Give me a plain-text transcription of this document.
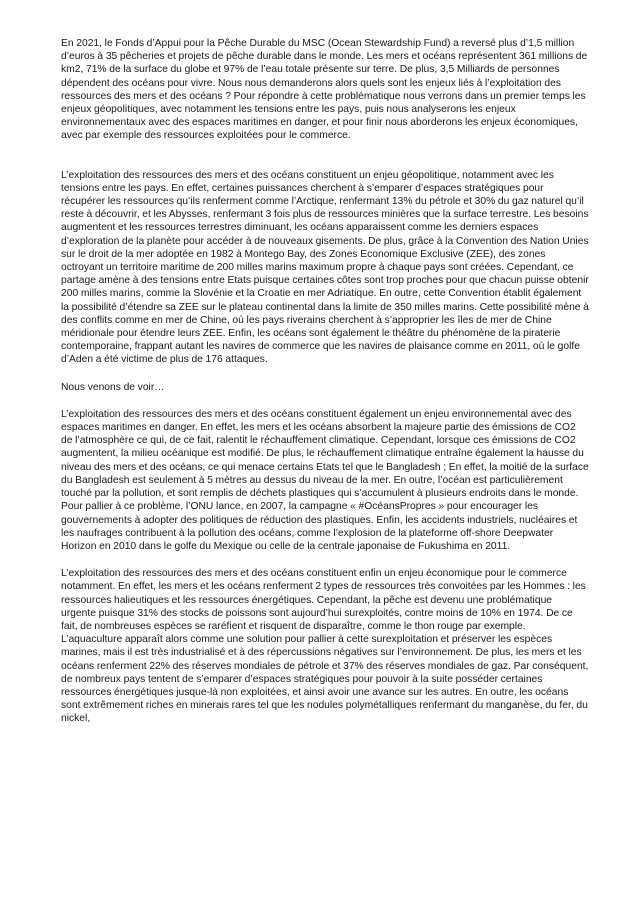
En 2021, le Fonds d’Appui pour la Pêche Durable du MSC (Ocean Stewardship Fund) a reversé plus d’1,5 million d’euros à 35 pêcheries et projets de pêche durable dans le monde. Les mers et océans représentent 361 millions de km2, 71% de la surface du globe et 97% de l’eau totale présente sur terre. De plus, 3,5 Milliards de personnes dépendent des océans pour vivre. Nous nous demanderons alors quels sont les enjeux liés à l’exploitation des ressources des mers et des océans ? Pour répondre à cette problématique nous verrons dans un premier temps les enjeux géopolitiques, avec notamment les tensions entre les pays, puis nous analyserons les enjeux environnementaux avec des espaces maritimes en danger, et pour finir nous aborderons les enjeux économiques, avec par exemple des ressources exploitées pour le commerce.

L’exploitation des ressources des mers et des océans constituent un enjeu géopolitique, notamment avec les tensions entre les pays. En effet, certaines puissances cherchent à s’emparer d’espaces stratégiques pour récupérer les ressources qu’ils renferment comme l’Arctique, renfermant 13% du pétrole et 30% du gaz naturel qu’il reste à découvrir, et les Abysses, renfermant 3 fois plus de ressources minières que la surface terrestre. Les besoins augmentent et les ressources terrestres diminuant, les océans apparaissent comme les derniers espaces d’exploration de la planète pour accéder à de nouveaux gisements. De plus, grâce à la Convention des Nation Unies sur le droit de la mer adoptée en 1982 à Montego Bay, des Zones Economique Exclusive (ZEE), des zones octroyant un territoire maritime de 200 milles marins maximum propre à chaque pays sont créées. Cependant, ce partage amène à des tensions entre Etats puisque certaines côtes sont trop proches pour que chacun puisse obtenir 200 milles marins, comme la Slovénie et la Croatie en mer Adriatique. En outre, cette Convention établit également la possibilité d’étendre sa ZEE sur le plateau continental dans la limite de 350 milles marins. Cette possibilité mène à des conflits comme en mer de Chine, où les pays riverains cherchent à s’approprier les îles de mer de Chine méridionale pour étendre leurs ZEE. Enfin, les océans sont également le théâtre du phénomène de la piraterie contemporaine, frappant autant les navires de commerce que les navires de plaisance comme en 2011, où le golfe d’Aden a été victime de plus de 176 attaques.

Nous venons de voir…

L’exploitation des ressources des mers et des océans constituent également un enjeu environnemental avec des espaces maritimes en danger. En effet, les mers et les océans absorbent la majeure partie des émissions de CO2 de l’atmosphère ce qui, de ce fait, ralentit le réchauffement climatique. Cependant, lorsque ces émissions de CO2 augmentent, la milieu océanique est modifié. De plus, le réchauffement climatique entraîne également la hausse du niveau des mers et des océans, ce qui menace certains Etats tel que le Bangladesh ; En effet, la moitié de la surface du Bangladesh est seulement à 5 mètres au dessus du niveau de la mer. En outre, l’océan est particulièrement touché par la pollution, et sont remplis de déchets plastiques qui s’accumulent à plusieurs endroits dans le monde. Pour pallier à ce problème, l’ONU lance, en 2007, la campagne « #OcéansPropres » pour encourager les gouvernements à adopter des politiques de réduction des plastiques. Enfin, les accidents industriels, nucléaires et les naufrages contribuent à la pollution des océans, comme l’explosion de la plateforme off-shore Deepwater Horizon en 2010 dans le golfe du Mexique ou celle de la centrale japonaise de Fukushima en 2011.

L’exploitation des ressources des mers et des océans constituent enfin un enjeu économique pour le commerce notamment. En effet, les mers et les océans renferment 2 types de ressources très convoitées par les Hommes : les ressources halieutiques et les ressources énergétiques. Cependant, la pêche est devenu une problématique urgente puisque 31% des stocks de poissons sont aujourd’hui surexploités, contre moins de 10% en 1974. De ce fait, de nombreuses espèces se raréfient et risquent de disparaître, comme le thon rouge par exemple. L’aquaculture apparaît alors comme une solution pour pallier à cette surexploitation et préserver les espèces marines, mais il est très industrialisé et à des répercussions négatives sur l’environnement. De plus, les mers et les océans renferment 22% des réserves mondiales de pétrole et 37% des réserves mondiales de gaz. Par conséquent, de nombreux pays tentent de s’emparer d’espaces stratégiques pour pouvoir à la suite posséder certaines ressources énergétiques jusque-là non exploitées, et ainsi avoir une avance sur les autres. En outre, les océans sont extrêmement riches en minerais rares tel que les nodules polymétalliques renfermant du manganèse, du fer, du nickel,
